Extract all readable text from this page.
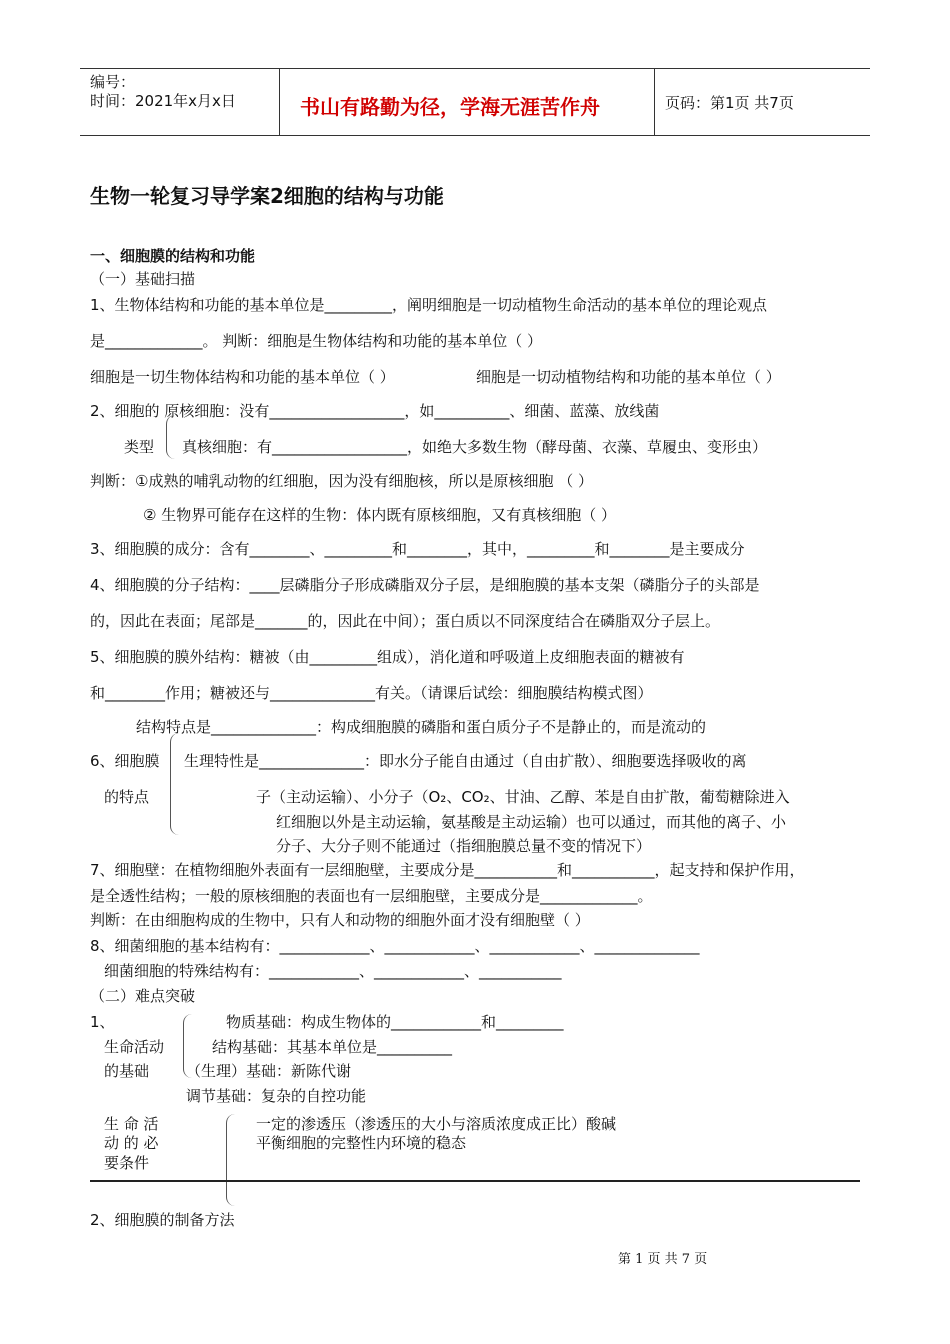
编号：
时间：2021年x月x日	书山有路勤为径，学海无涯苦作舟	页码：第1页 共7页
生物一轮复习导学案2细胞的结构与功能
一、细胞膜的结构和功能
（一）基础扫描
1、生物体结构和功能的基本单位是_________，阐明细胞是一切动植物生命活动的基本单位的理论观点
是_____________。 判断：细胞是生物体结构和功能的基本单位（ ）
细胞是一切生物体结构和功能的基本单位（ ）	细胞是一切动植物结构和功能的基本单位（ ）
2、细胞的 原核细胞：没有__________________，如__________、细菌、蓝藻、放线菌
类型 真核细胞：有__________________，如绝大多数生物（酵母菌、衣藻、草履虫、变形虫）
判断：①成熟的哺乳动物的红细胞，因为没有细胞核，所以是原核细胞 （ ）
② 生物界可能存在这样的生物：体内既有原核细胞，又有真核细胞（ ）
3、细胞膜的成分：含有________、_________和________，其中，_________和________是主要成分
4、细胞膜的分子结构：____层磷脂分子形成磷脂双分子层，是细胞膜的基本支架（磷脂分子的头部是
的，因此在表面；尾部是_______的，因此在中间）；蛋白质以不同深度结合在磷脂双分子层上。
5、细胞膜的膜外结构：糖被（由_________组成），消化道和呼吸道上皮细胞表面的糖被有
和________作用；糖被还与______________有关。（请课后试绘：细胞膜结构模式图）
结构特点是______________：构成细胞膜的磷脂和蛋白质分子不是静止的，而是流动的
6、细胞膜 生理特性是______________：即水分子能自由通过（自由扩散）、细胞要选择吸收的离
的特点	子（主动运输）、小分子（O₂、CO₂、甘油、乙醇、苯是自由扩散，葡萄糖除进入
红细胞以外是主动运输，氨基酸是主动运输）也可以通过，而其他的离子、小
分子、大分子则不能通过（指细胞膜总量不变的情况下）
7、细胞壁：在植物细胞外表面有一层细胞壁，主要成分是___________和___________，起支持和保护作用，
是全透性结构；一般的原核细胞的表面也有一层细胞壁，主要成分是_____________。
判断：在由细胞构成的生物中，只有人和动物的细胞外面才没有细胞壁（ ）
8、细菌细胞的基本结构有：____________、____________、____________、______________
细菌细胞的特殊结构有：____________、____________、___________
（二）难点突破
1、	物质基础：构成生物体的____________和_________
生命活动	结构基础：其基本单位是__________
的基础 （生理）基础：新陈代谢
调节基础：复杂的自控功能
生 命 活	一定的渗透压（渗透压的大小与溶质浓度成正比）酸碱
动 的 必	平衡细胞的完整性内环境的稳态
要条件
2、细胞膜的制备方法
第 1 页 共 7 页
